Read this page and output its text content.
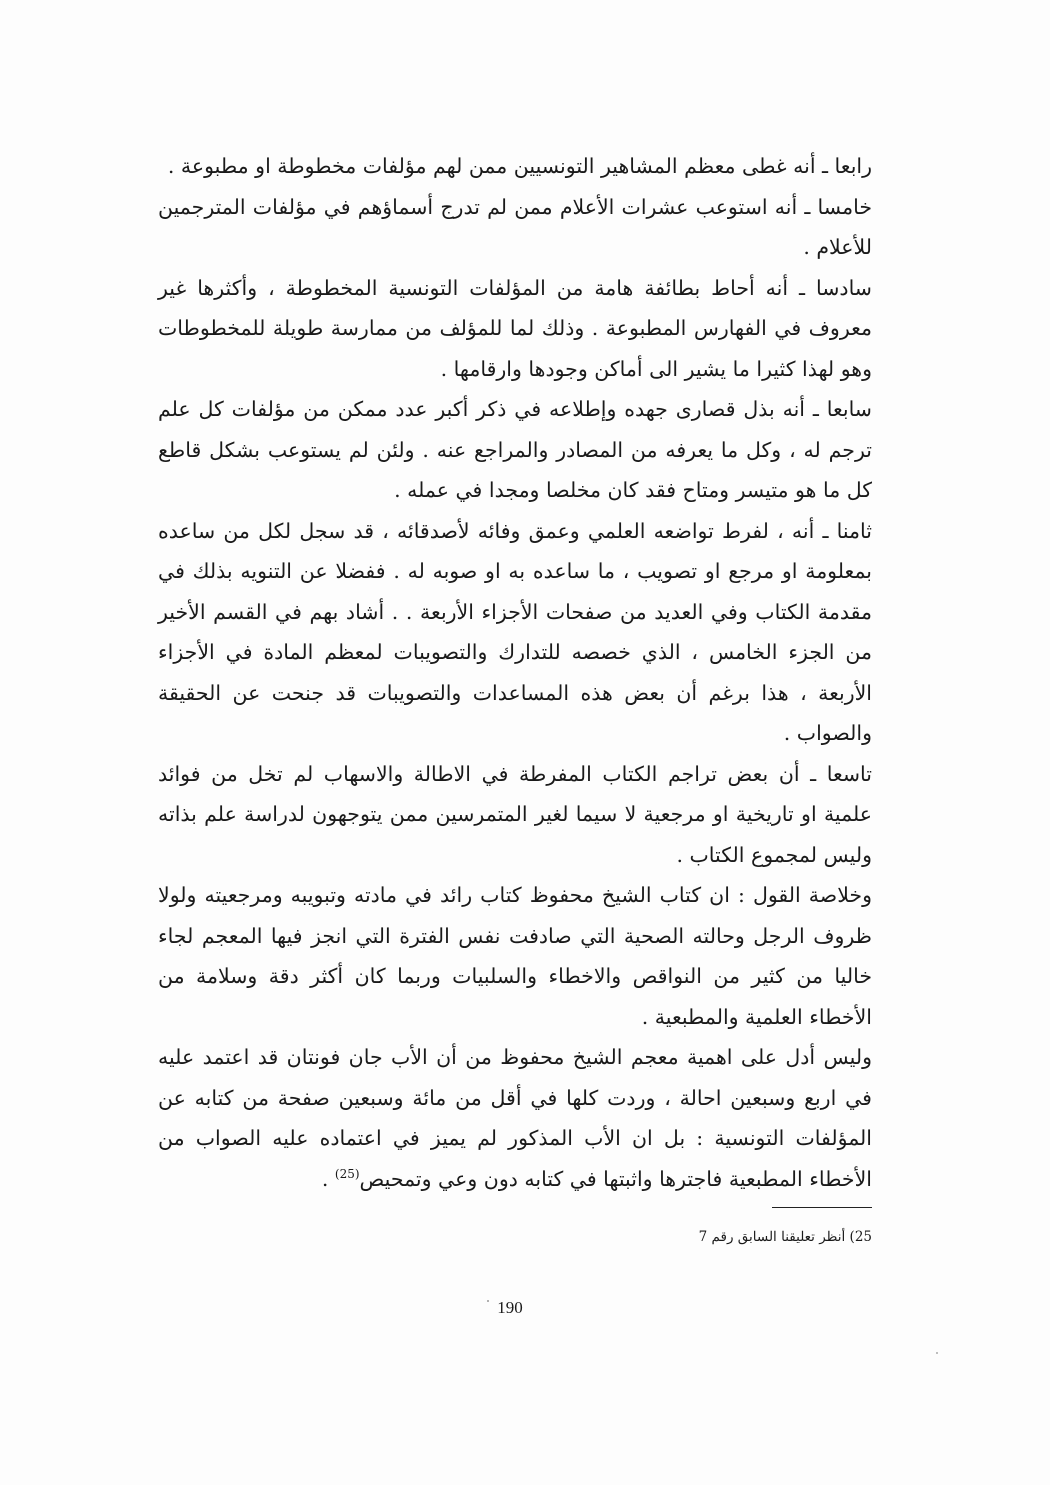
رابعا ـ أنه غطى معظم المشاهير التونسيين ممن لهم مؤلفات مخطوطة او مطبوعة .

خامسا ـ أنه استوعب عشرات الأعلام ممن لم تدرج أسماؤهم في مؤلفات المترجمين للأعلام .

سادسا ـ أنه أحاط بطائفة هامة من المؤلفات التونسية المخطوطة ، وأكثرها غير معروف في الفهارس المطبوعة . وذلك لما للمؤلف من ممارسة طويلة للمخطوطات وهو لهذا كثيرا ما يشير الى أماكن وجودها وارقامها .

سابعا ـ أنه بذل قصارى جهده وإطلاعه في ذكر أكبر عدد ممكن من مؤلفات كل علم ترجم له ، وكل ما يعرفه من المصادر والمراجع عنه . ولئن لم يستوعب بشكل قاطع كل ما هو متيسر ومتاح فقد كان مخلصا ومجدا في عمله .

ثامنا ـ أنه ، لفرط تواضعه العلمي وعمق وفائه لأصدقائه ، قد سجل لكل من ساعده بمعلومة او مرجع او تصويب ، ما ساعده به او صوبه له . ففضلا عن التنويه بذلك في مقدمة الكتاب وفي العديد من صفحات الأجزاء الأربعة . . أشاد بهم في القسم الأخير من الجزء الخامس ، الذي خصصه للتدارك والتصويبات لمعظم المادة في الأجزاء الأربعة ، هذا برغم أن بعض هذه المساعدات والتصويبات قد جنحت عن الحقيقة والصواب .

تاسعا ـ أن بعض تراجم الكتاب المفرطة في الاطالة والاسهاب لم تخل من فوائد علمية او تاريخية او مرجعية لا سيما لغير المتمرسين ممن يتوجهون لدراسة علم بذاته وليس لمجموع الكتاب .

وخلاصة القول : ان كتاب الشيخ محفوظ كتاب رائد في مادته وتبويبه ومرجعيته ولولا ظروف الرجل وحالته الصحية التي صادفت نفس الفترة التي انجز فيها المعجم لجاء خاليا من كثير من النواقص والاخطاء والسلبيات وربما كان أكثر دقة وسلامة من الأخطاء العلمية والمطبعية .

وليس أدل على اهمية معجم الشيخ محفوظ من أن الأب جان فونتان قد اعتمد عليه في اربع وسبعين احالة ، وردت كلها في أقل من مائة وسبعين صفحة من كتابه عن المؤلفات التونسية : بل ان الأب المذكور لم يميز في اعتماده عليه الصواب من الأخطاء المطبعية فاجترها واثبتها في كتابه دون وعي وتمحيص$^{(25)}$ .

25) أنظر تعليقنا السابق رقم 7
190
